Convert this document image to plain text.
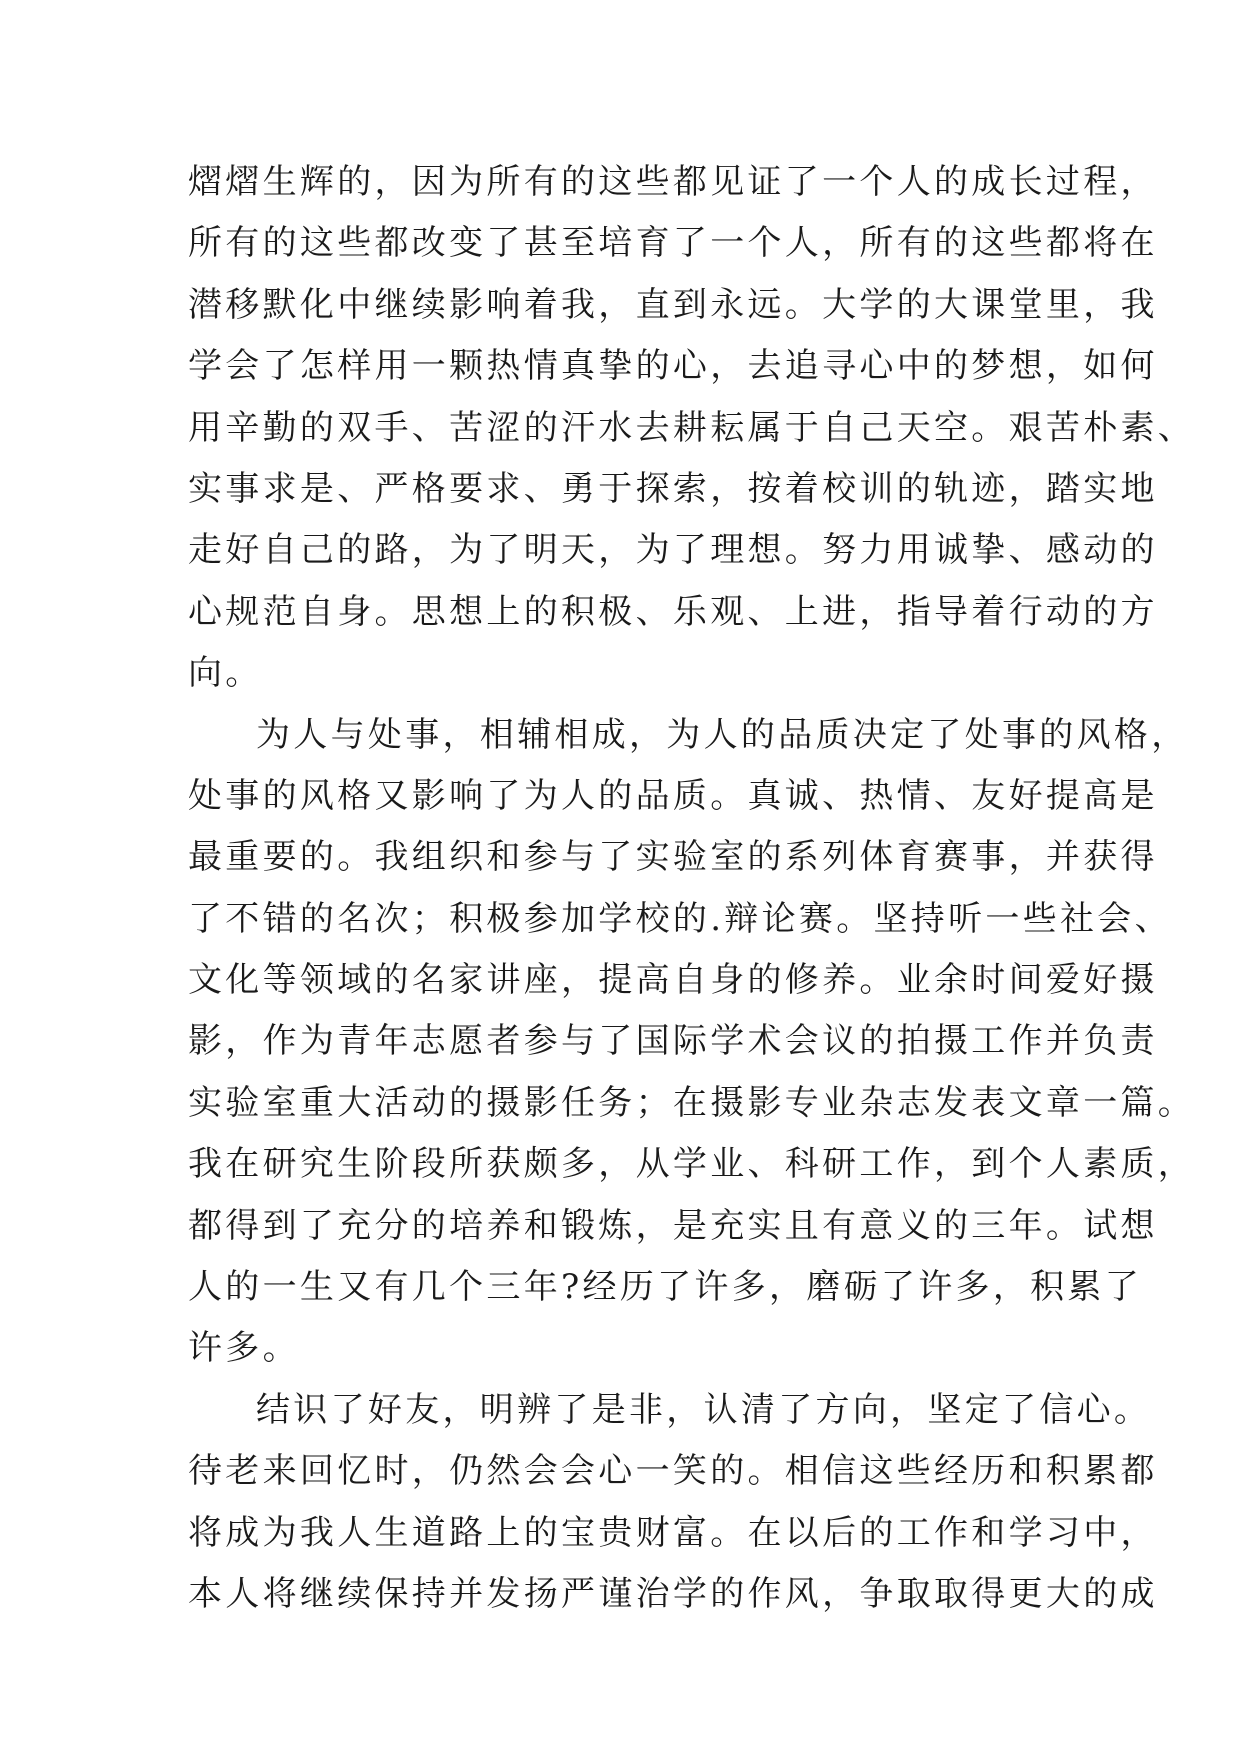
熠熠生辉的，因为所有的这些都见证了一个人的成长过程，
所有的这些都改变了甚至培育了一个人，所有的这些都将在
潜移默化中继续影响着我，直到永远。大学的大课堂里，我
学会了怎样用一颗热情真挚的心，去追寻心中的梦想，如何
用辛勤的双手、苦涩的汗水去耕耘属于自己天空。艰苦朴素、
实事求是、严格要求、勇于探索，按着校训的轨迹，踏实地
走好自己的路，为了明天，为了理想。努力用诚挚、感动的
心规范自身。思想上的积极、乐观、上进，指导着行动的方
向。
为人与处事，相辅相成，为人的品质决定了处事的风格，
处事的风格又影响了为人的品质。真诚、热情、友好提高是
最重要的。我组织和参与了实验室的系列体育赛事，并获得
了不错的名次；积极参加学校的.辩论赛。坚持听一些社会、
文化等领域的名家讲座，提高自身的修养。业余时间爱好摄
影，作为青年志愿者参与了国际学术会议的拍摄工作并负责
实验室重大活动的摄影任务；在摄影专业杂志发表文章一篇。
我在研究生阶段所获颇多，从学业、科研工作，到个人素质，
都得到了充分的培养和锻炼，是充实且有意义的三年。试想
人的一生又有几个三年?经历了许多，磨砺了许多，积累了
许多。
结识了好友，明辨了是非，认清了方向，坚定了信心。
待老来回忆时，仍然会会心一笑的。相信这些经历和积累都
将成为我人生道路上的宝贵财富。在以后的工作和学习中，
本人将继续保持并发扬严谨治学的作风，争取取得更大的成
